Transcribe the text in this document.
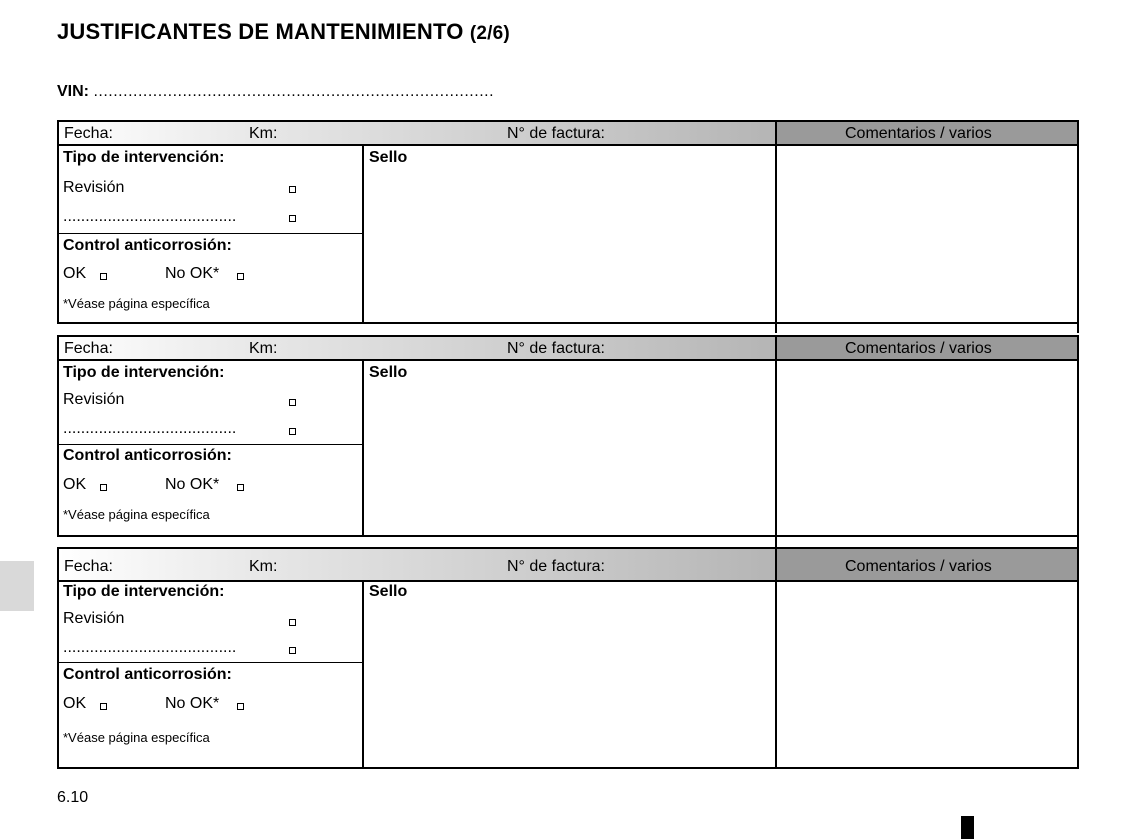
JUSTIFICANTES DE MANTENIMIENTO (2/6)
VIN: .................................................................................
Fecha:	Km:	N° de factura:	Comentarios / varios
Tipo de intervención:
Revisión
.......................................
Control anticorrosión:
OK	No OK*
*Véase página específica
Sello
Fecha:	Km:	N° de factura:	Comentarios / varios
Tipo de intervención:
Revisión
.......................................
Control anticorrosión:
OK	No OK*
*Véase página específica
Sello
Fecha:	Km:	N° de factura:	Comentarios / varios
Tipo de intervención:
Revisión
.......................................
Control anticorrosión:
OK	No OK*
*Véase página específica
Sello
6.10
